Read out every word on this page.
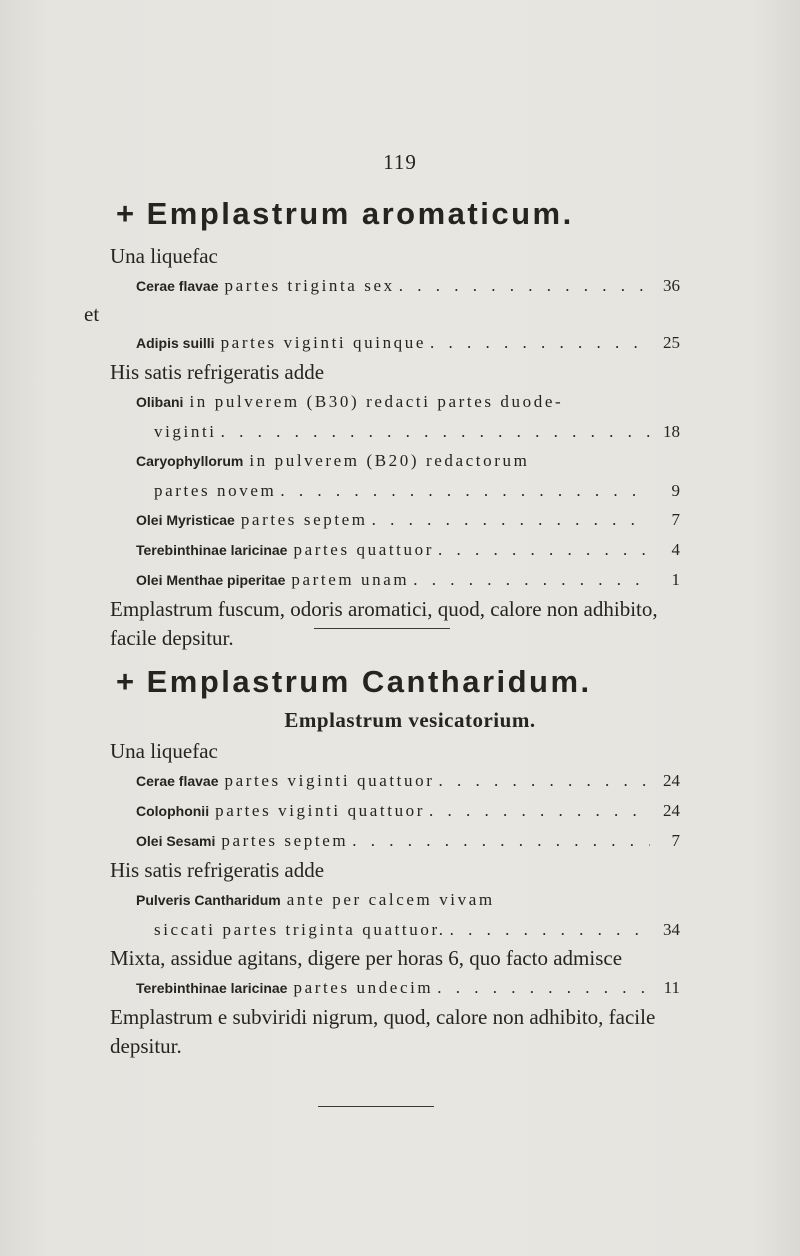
119
+ Emplastrum aromaticum.
Una liquefac
Cerae flavae partes triginta sex . . .	36
et
Adipis suilli partes viginti quinque . . .	25
His satis refrigeratis adde
Olibani in pulverem (B30) redacti partes duode-
viginti . . .	18
Caryophyllorum in pulverem (B20) redactorum
partes novem . . .	9
Olei Myristicae partes septem . . .	7
Terebinthinae laricinae partes quattuor . . .	4
Olei Menthae piperitae partem unam . . .	1
Emplastrum fuscum, odoris aromatici, quod, calore non adhibito, facile depsitur.
+ Emplastrum Cantharidum.
Emplastrum vesicatorium.
Una liquefac
Cerae flavae partes viginti quattuor . . .	24
Colophonii partes viginti quattuor . . .	24
Olei Sesami partes septem . . .	7
His satis refrigeratis adde
Pulveris Cantharidum ante per calcem vivam
siccati partes triginta quattuor. . . .	34
Mixta, assidue agitans, digere per horas 6, quo facto admisce
Terebinthinae laricinae partes undecim . . .	11
Emplastrum e subviridi nigrum, quod, calore non adhibito, facile depsitur.
